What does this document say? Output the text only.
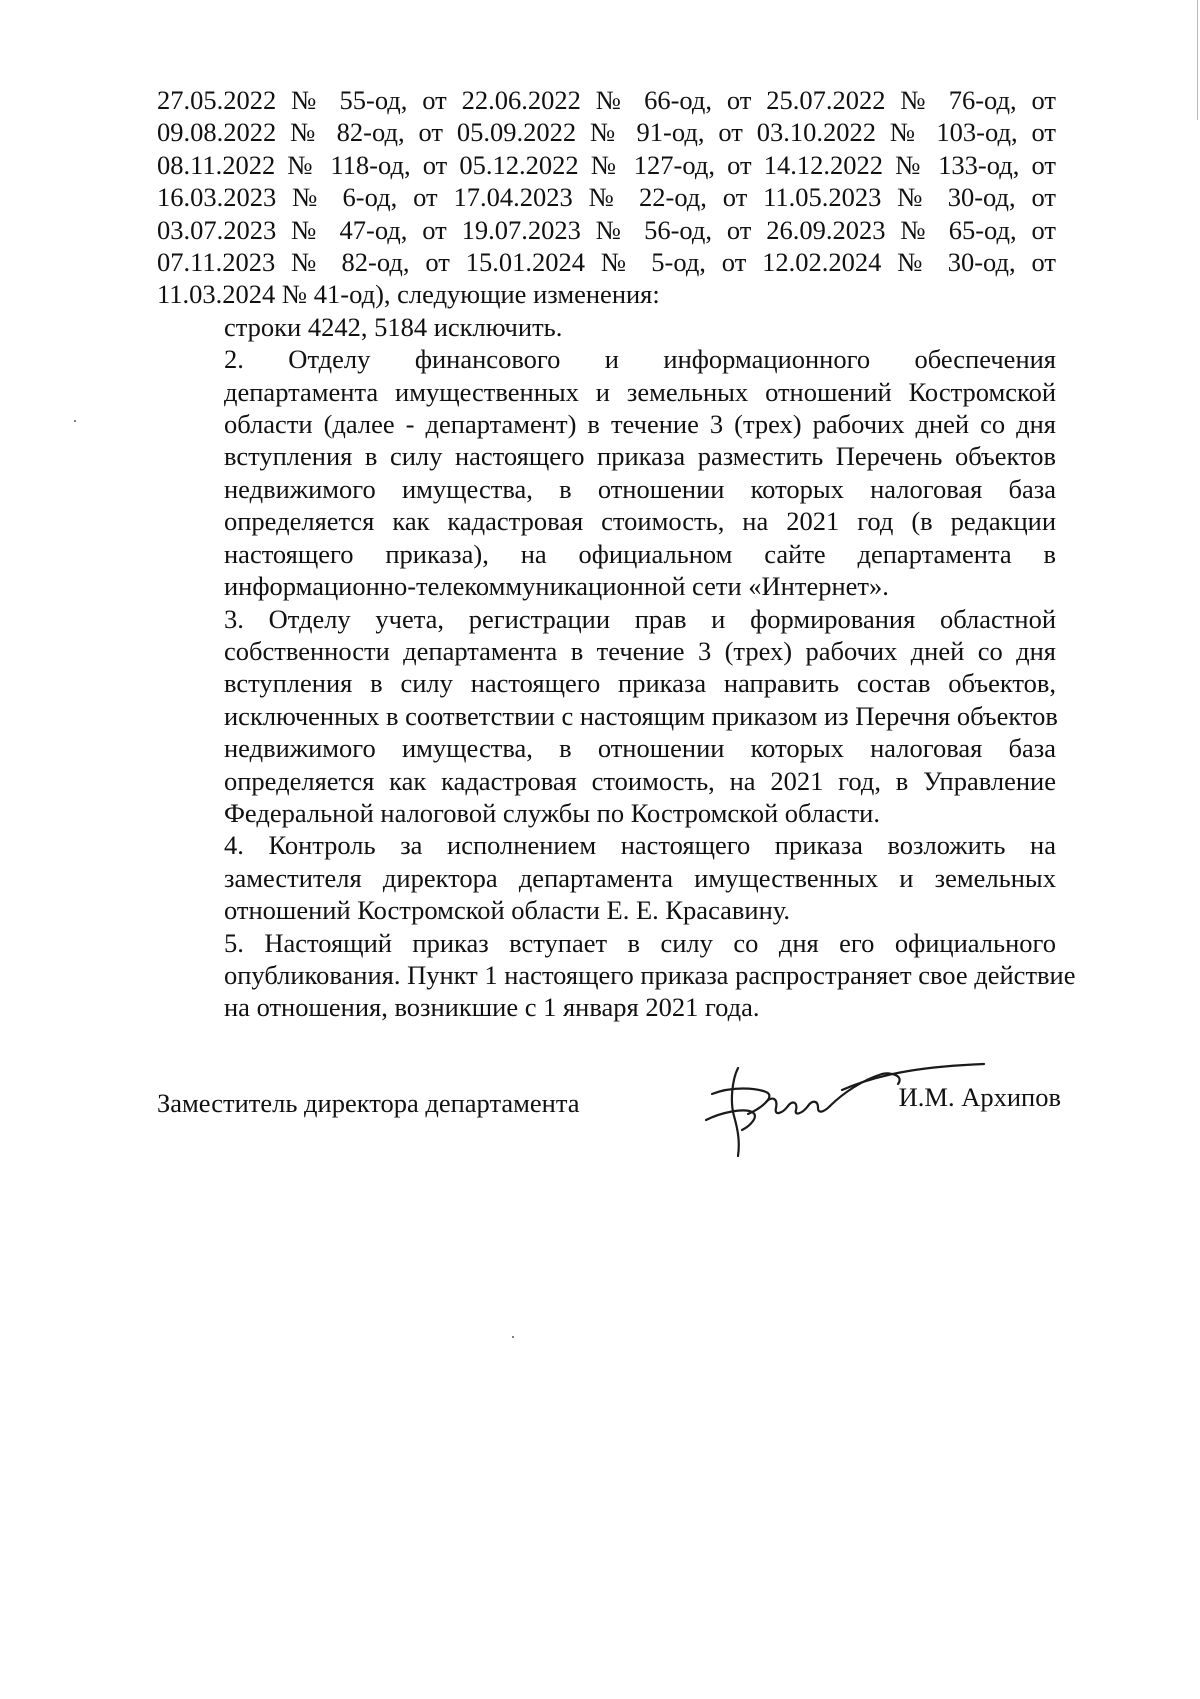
27.05.2022 № 55-од, от 22.06.2022 № 66-од, от 25.07.2022 № 76-од, от
09.08.2022 № 82-од, от 05.09.2022 № 91-од, от 03.10.2022 № 103-од, от
08.11.2022 № 118-од, от 05.12.2022 № 127-од, от 14.12.2022 № 133-од, от
16.03.2023 № 6-од, от 17.04.2023 № 22-од, от 11.05.2023 № 30-од, от
03.07.2023 № 47-од, от 19.07.2023 № 56-од, от 26.09.2023 № 65-од, от
07.11.2023 № 82-од, от 15.01.2024 № 5-од, от 12.02.2024 № 30-од, от
11.03.2024 № 41-од), следующие изменения:

строки 4242, 5184 исключить.

2. Отделу финансового и информационного обеспечения
департамента имущественных и земельных отношений Костромской
области (далее - департамент) в течение 3 (трех) рабочих дней со дня
вступления в силу настоящего приказа разместить Перечень объектов
недвижимого имущества, в отношении которых налоговая база
определяется как кадастровая стоимость, на 2021 год (в редакции
настоящего приказа), на официальном сайте департамента в
информационно-телекоммуникационной сети «Интернет».

3. Отделу учета, регистрации прав и формирования областной
собственности департамента в течение 3 (трех) рабочих дней со дня
вступления в силу настоящего приказа направить состав объектов,
исключенных в соответствии с настоящим приказом из Перечня объектов
недвижимого имущества, в отношении которых налоговая база
определяется как кадастровая стоимость, на 2021 год, в Управление
Федеральной налоговой службы по Костромской области.

4. Контроль за исполнением настоящего приказа возложить на
заместителя директора департамента имущественных и земельных
отношений Костромской области Е. Е. Красавину.

5. Настоящий приказ вступает в силу со дня его официального
опубликования. Пункт 1 настоящего приказа распространяет свое действие
на отношения, возникшие с 1 января 2021 года.

Заместитель директора департамента	И.М. Архипов
